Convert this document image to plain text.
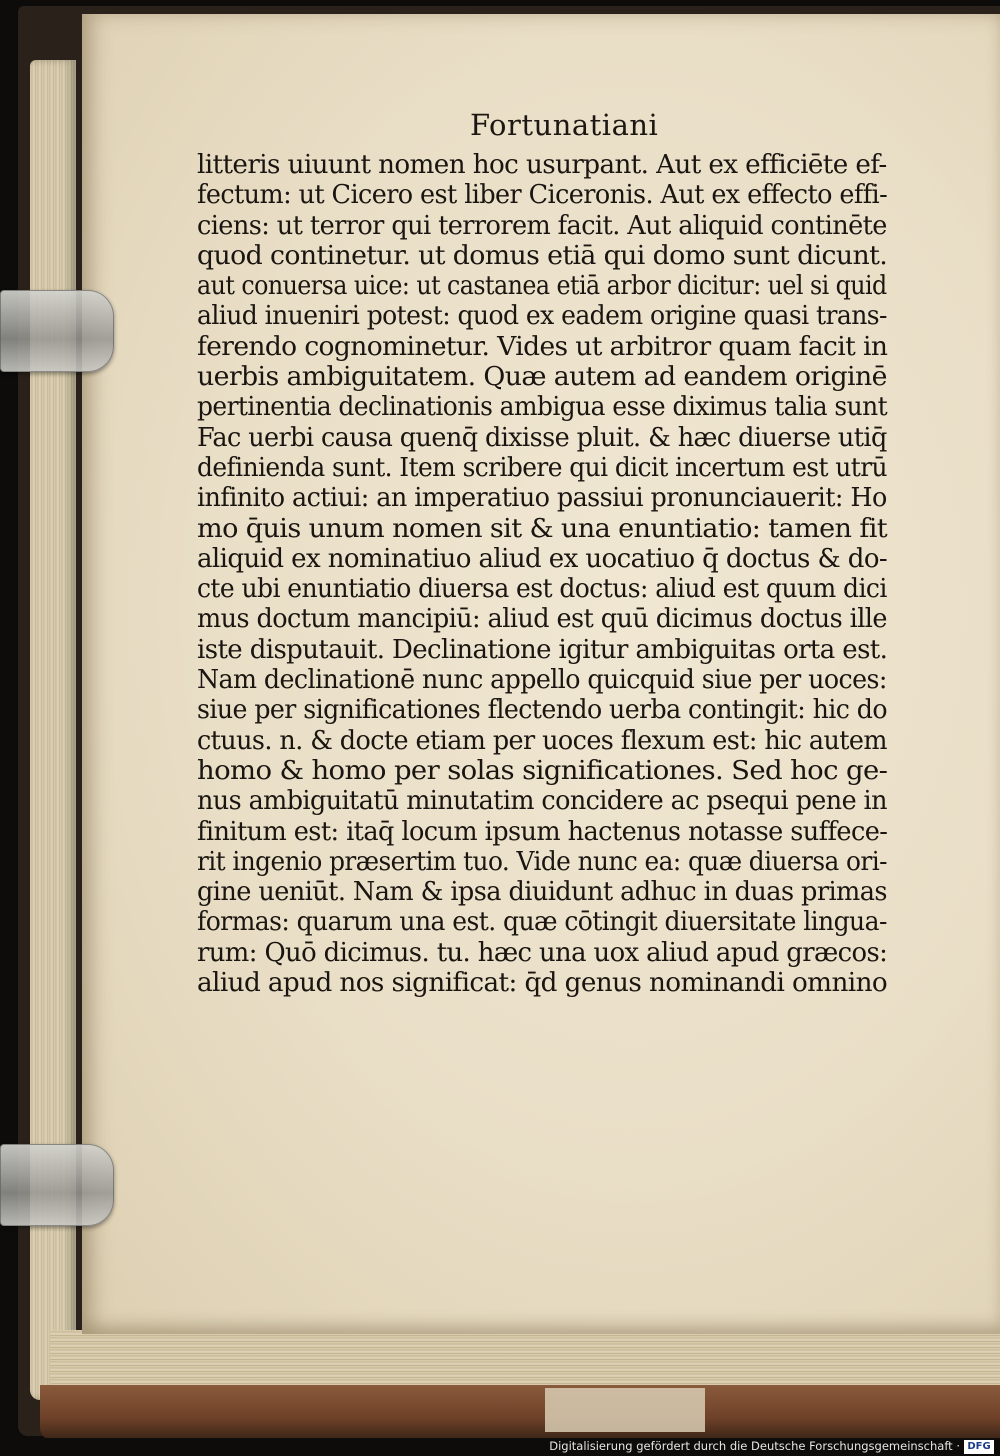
Fortunatiani
litteris uiuunt nomen hoc usurpant. Aut ex efficiēte ef-
fectum: ut Cicero est liber Ciceronis. Aut ex effecto effi-
ciens: ut terror qui terrorem facit. Aut aliquid continēte
quod continetur. ut domus etiā qui domo sunt dicunt.
aut conuersa uice: ut castanea etiā arbor dicitur: uel si quid
aliud inueniri potest: quod ex eadem origine quasi trans-
ferendo cognominetur. Vides ut arbitror quam facit in
uerbis ambiguitatem. Quæ autem ad eandem originē
pertinentia declinationis ambigua esse diximus talia sunt
Fac uerbi causa quenq̄ dixisse pluit. & hæc diuerse utiq̄
definienda sunt. Item scribere qui dicit incertum est utrū
infinito actiui: an imperatiuo passiui pronunciauerit: Ho
mo q̄uis unum nomen sit & una enuntiatio: tamen fit
aliquid ex nominatiuo aliud ex uocatiuo q̄ doctus & do-
cte ubi enuntiatio diuersa est doctus: aliud est quum dici
mus doctum mancipiū: aliud est quū dicimus doctus ille
iste disputauit. Declinatione igitur ambiguitas orta est.
Nam declinationē nunc appello quicquid siue per uoces:
siue per significationes flectendo uerba contingit: hic do
ctuus. n. & docte etiam per uoces flexum est: hic autem
homo & homo per solas significationes. Sed hoc ge-
nus ambiguitatū minutatim concidere ac psequi pene in
finitum est: itaq̄ locum ipsum hactenus notasse suffece-
rit ingenio præsertim tuo. Vide nunc ea: quæ diuersa ori-
gine ueniūt. Nam & ipsa diuidunt adhuc in duas primas
formas: quarum una est. quæ cōtingit diuersitate lingua-
rum: Quō dicimus. tu. hæc una uox aliud apud græcos:
aliud apud nos significat: q̄d genus nominandi omnino
Digitalisierung gefördert durch die Deutsche Forschungsgemeinschaft · DFG
